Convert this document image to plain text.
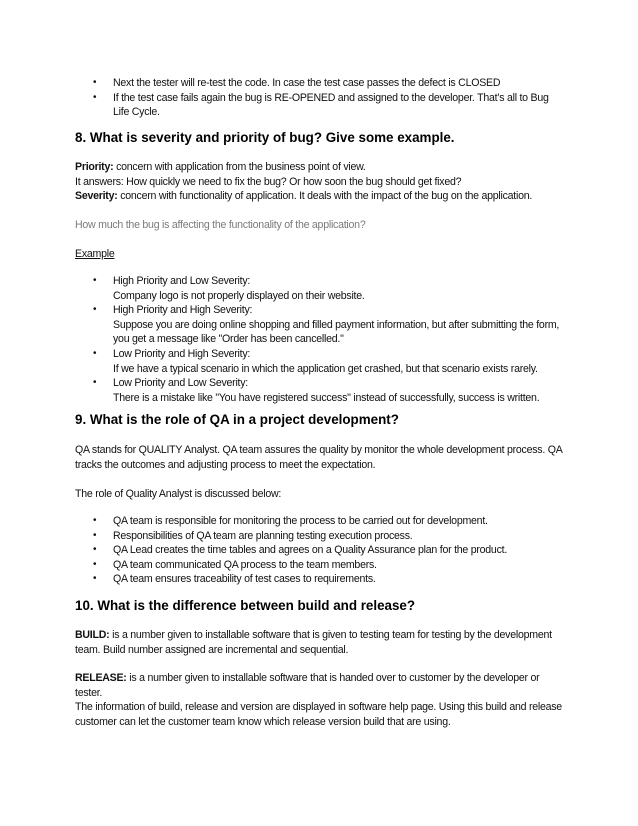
• Next the tester will re-test the code. In case the test case passes the defect is CLOSED
• If the test case fails again the bug is RE-OPENED and assigned to the developer. That’s all to Bug Life Cycle.
8. What is severity and priority of bug? Give some example.

Priority: concern with application from the business point of view.

It answers: How quickly we need to fix the bug? Or how soon the bug should get fixed?

Severity: concern with functionality of application. It deals with the impact of the bug on the application.

How much the bug is affecting the functionality of the application?

Example

• High Priority and Low Severity:
Company logo is not properly displayed on their website.
• High Priority and High Severity:
Suppose you are doing online shopping and filled payment information, but after submitting the form, you get a message like "Order has been cancelled."
• Low Priority and High Severity:
If we have a typical scenario in which the application get crashed, but that scenario exists rarely.
• Low Priority and Low Severity:
There is a mistake like "You have registered success" instead of successfully, success is written.
9. What is the role of QA in a project development?

QA stands for QUALITY Analyst. QA team assures the quality by monitor the whole development process. QA tracks the outcomes and adjusting process to meet the expectation.

The role of Quality Analyst is discussed below:

• QA team is responsible for monitoring the process to be carried out for development.
• Responsibilities of QA team are planning testing execution process.
• QA Lead creates the time tables and agrees on a Quality Assurance plan for the product.
• QA team communicated QA process to the team members.
• QA team ensures traceability of test cases to requirements.
10. What is the difference between build and release?

BUILD: is a number given to installable software that is given to testing team for testing by the development team. Build number assigned are incremental and sequential.

RELEASE: is a number given to installable software that is handed over to customer by the developer or tester.

The information of build, release and version are displayed in software help page. Using this build and release customer can let the customer team know which release version build that are using.
